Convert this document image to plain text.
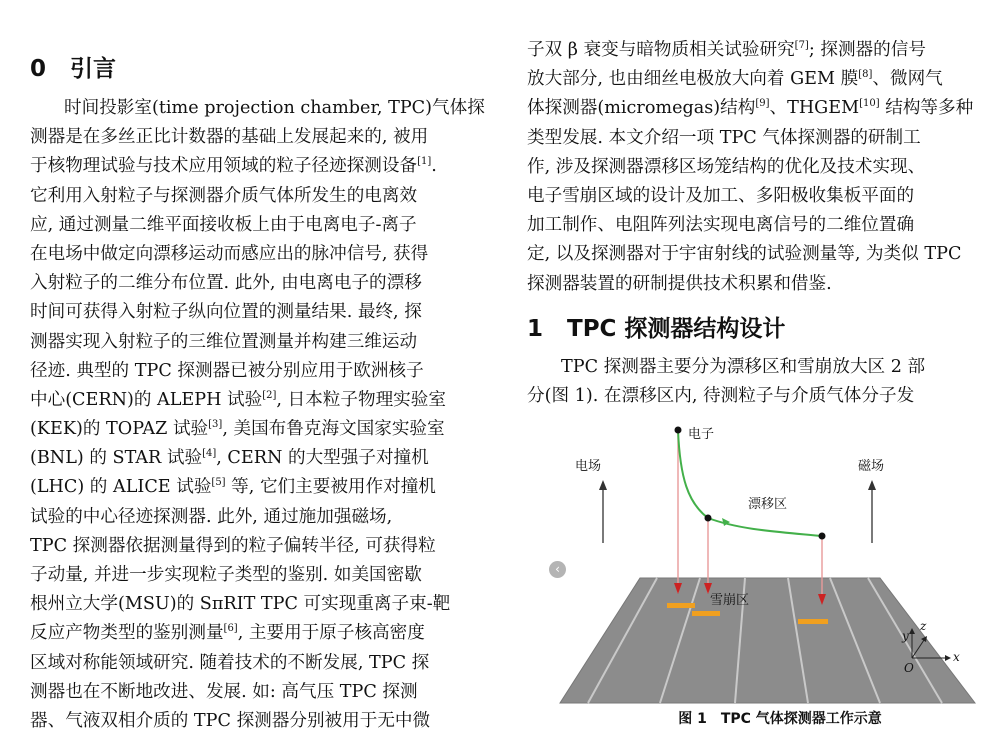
0 引言
时间投影室(time projection chamber, TPC)气体探
测器是在多丝正比计数器的基础上发展起来的, 被用
于核物理试验与技术应用领域的粒子径迹探测设备[1].
它利用入射粒子与探测器介质气体所发生的电离效
应, 通过测量二维平面接收板上由于电离电子-离子
在电场中做定向漂移运动而感应出的脉冲信号, 获得
入射粒子的二维分布位置. 此外, 由电离电子的漂移
时间可获得入射粒子纵向位置的测量结果. 最终, 探
测器实现入射粒子的三维位置测量并构建三维运动
径迹. 典型的 TPC 探测器已被分别应用于欧洲核子
中心(CERN)的 ALEPH 试验[2], 日本粒子物理实验室
(KEK)的 TOPAZ 试验[3], 美国布鲁克海文国家实验室
(BNL) 的 STAR 试验[4], CERN 的大型强子对撞机
(LHC) 的 ALICE 试验[5] 等, 它们主要被用作对撞机
试验的中心径迹探测器. 此外, 通过施加强磁场,
TPC 探测器依据测量得到的粒子偏转半径, 可获得粒
子动量, 并进一步实现粒子类型的鉴别. 如美国密歇
根州立大学(MSU)的 SπRIT TPC 可实现重离子束-靶
反应产物类型的鉴别测量[6], 主要用于原子核高密度
区域对称能领域研究. 随着技术的不断发展, TPC 探
测器也在不断地改进、发展. 如: 高气压 TPC 探测
器、气液双相介质的 TPC 探测器分别被用于无中微
子双 β 衰变与暗物质相关试验研究[7]; 探测器的信号
放大部分, 也由细丝电极放大向着 GEM 膜[8]、微网气
体探测器(micromegas)结构[9]、THGEM[10] 结构等多种
类型发展. 本文介绍一项 TPC 气体探测器的研制工
作, 涉及探测器漂移区场笼结构的优化及技术实现、
电子雪崩区域的设计及加工、多阳极收集板平面的
加工制作、电阻阵列法实现电离信号的二维位置确
定, 以及探测器对于宇宙射线的试验测量等, 为类似 TPC
探测器装置的研制提供技术积累和借鉴.
1 TPC 探测器结构设计
TPC 探测器主要分为漂移区和雪崩放大区 2 部
分(图 1). 在漂移区内, 待测粒子与介质气体分子发
电子
电场	磁场
漂移区
雪崩区
y
z
x
O
‹
图 1 TPC 气体探测器工作示意
